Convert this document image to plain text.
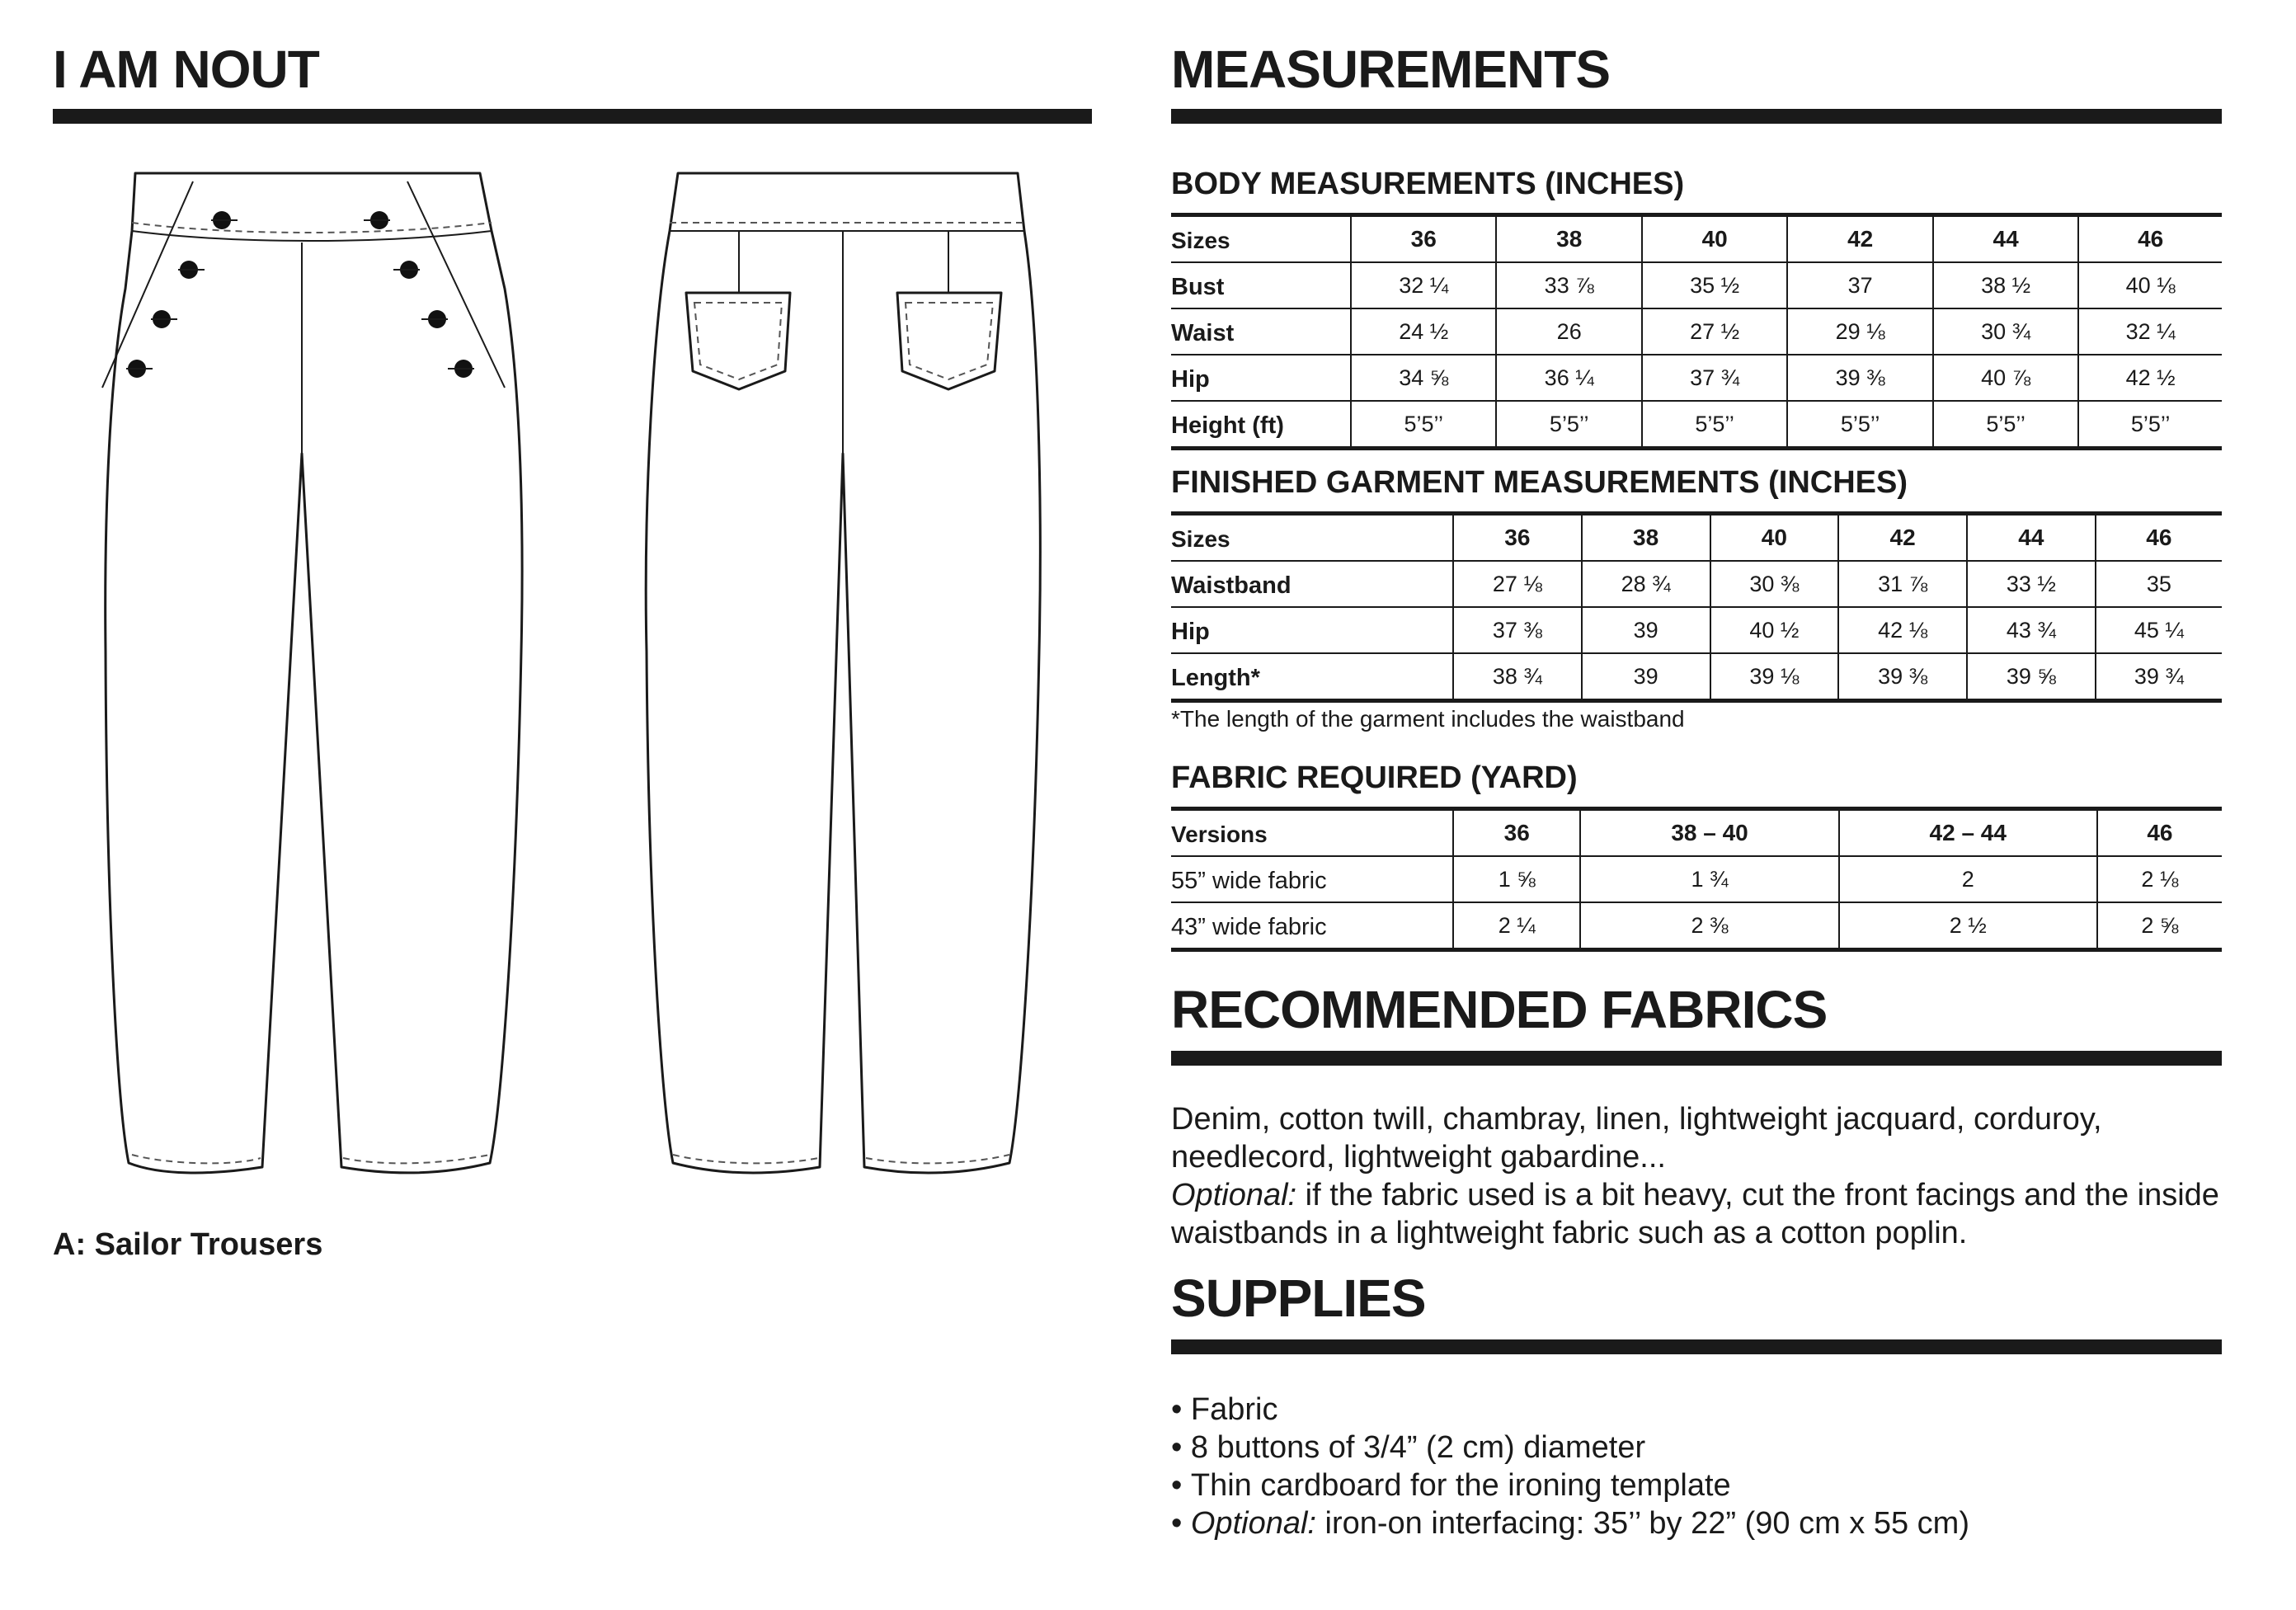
I AM NOUT
A: Sailor Trousers
MEASUREMENTS
BODY MEASUREMENTS (INCHES)
Sizes	36	38	40	42	44	46
Bust	32 ¼	33 ⅞	35 ½	37	38 ½	40 ⅛
Waist	24 ½	26	27 ½	29 ⅛	30 ¾	32 ¼
Hip	34 ⅝	36 ¼	37 ¾	39 ⅜	40 ⅞	42 ½
Height (ft)	5’5’’	5’5’’	5’5’’	5’5’’	5’5’’	5’5’’
FINISHED GARMENT MEASUREMENTS (INCHES)
Sizes	36	38	40	42	44	46
Waistband	27 ⅛	28 ¾	30 ⅜	31 ⅞	33 ½	35
Hip	37 ⅜	39	40 ½	42 ⅛	43 ¾	45 ¼
Length*	38 ¾	39	39 ⅛	39 ⅜	39 ⅝	39 ¾
*The length of the garment includes the waistband
FABRIC REQUIRED (YARD)
Versions	36	38 – 40	42 – 44	46
55” wide fabric	1 ⅝	1 ¾	2	2 ⅛
43” wide fabric	2 ¼	2 ⅜	2 ½	2 ⅝
RECOMMENDED FABRICS

Denim, cotton twill, chambray, linen, lightweight jacquard, corduroy, needlecord, lightweight gabardine...

Optional: if the fabric used is a bit heavy, cut the front facings and the inside waistbands in a lightweight fabric such as a cotton poplin.

SUPPLIES
• Fabric
• 8 buttons of 3/4” (2 cm) diameter
• Thin cardboard for the ironing template
• Optional: iron-on interfacing: 35’’ by 22” (90 cm x 55 cm)
